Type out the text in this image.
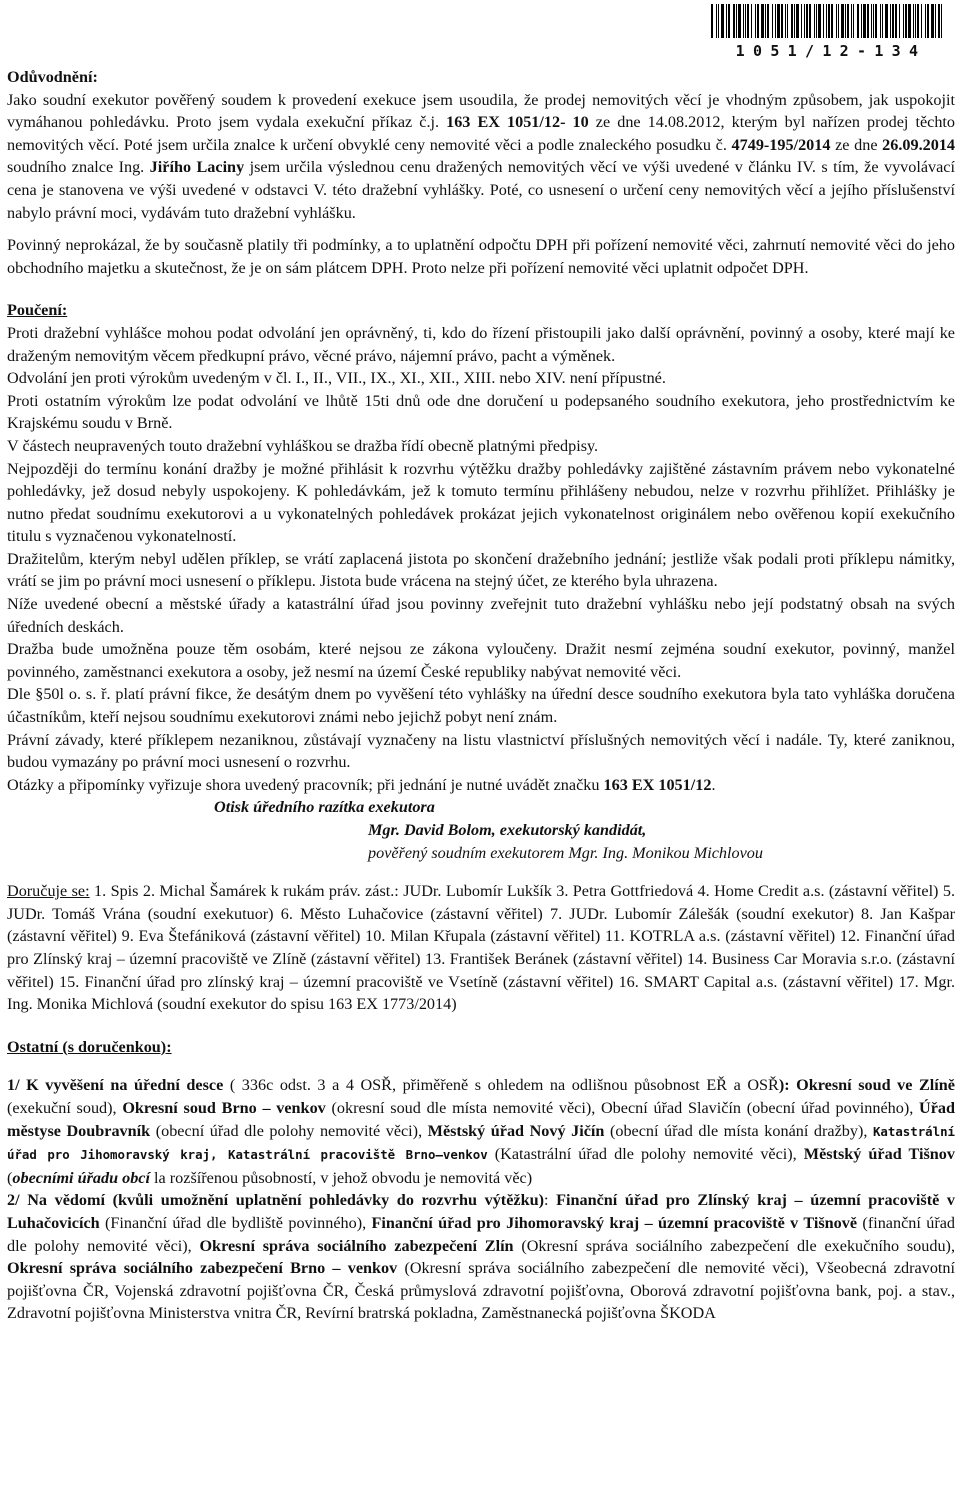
1051/12-134

Odůvodnění:

Jako soudní exekutor pověřený soudem k provedení exekuce jsem usoudila, že prodej nemovitých věcí je vhodným způsobem, jak uspokojit vymáhanou pohledávku. Proto jsem vydala exekuční příkaz č.j. 163 EX 1051/12- 10 ze dne 14.08.2012, kterým byl nařízen prodej těchto nemovitých věcí. Poté jsem určila znalce k určení obvyklé ceny nemovité věci a podle znaleckého posudku č. 4749-195/2014 ze dne 26.09.2014 soudního znalce Ing. Jiřího Laciny jsem určila výslednou cenu dražených nemovitých věcí ve výši uvedené v článku IV. s tím, že vyvolávací cena je stanovena ve výši uvedené v odstavci V. této dražební vyhlášky. Poté, co usnesení o určení ceny nemovitých věcí a jejího příslušenství nabylo právní moci, vydávám tuto dražební vyhlášku.

Povinný neprokázal, že by současně platily tři podmínky, a to uplatnění odpočtu DPH při pořízení nemovité věci, zahrnutí nemovité věci do jeho obchodního majetku a skutečnost, že je on sám plátcem DPH. Proto nelze při pořízení nemovité věci uplatnit odpočet DPH.

Poučení:

Proti dražební vyhlášce mohou podat odvolání jen oprávněný, ti, kdo do řízení přistoupili jako další oprávnění, povinný a osoby, které mají ke draženým nemovitým věcem předkupní právo, věcné právo, nájemní právo, pacht a výměnek.

Odvolání jen proti výrokům uvedeným v čl. I., II., VII., IX., XI., XII., XIII. nebo XIV. není přípustné.

Proti ostatním výrokům lze podat odvolání ve lhůtě 15ti dnů ode dne doručení u podepsaného soudního exekutora, jeho prostřednictvím ke Krajskému soudu v Brně.

V částech neupravených touto dražební vyhláškou se dražba řídí obecně platnými předpisy.

Nejpozději do termínu konání dražby je možné přihlásit k rozvrhu výtěžku dražby pohledávky zajištěné zástavním právem nebo vykonatelné pohledávky, jež dosud nebyly uspokojeny. K pohledávkám, jež k tomuto termínu přihlášeny nebudou, nelze v rozvrhu přihlížet. Přihlášky je nutno předat soudnímu exekutorovi a u vykonatelných pohledávek prokázat jejich vykonatelnost originálem nebo ověřenou kopií exekučního titulu s vyznačenou vykonatelností.

Dražitelům, kterým nebyl udělen příklep, se vrátí zaplacená jistota po skončení dražebního jednání; jestliže však podali proti příklepu námitky, vrátí se jim po právní moci usnesení o příklepu. Jistota bude vrácena na stejný účet, ze kterého byla uhrazena.

Níže uvedené obecní a městské úřady a katastrální úřad jsou povinny zveřejnit tuto dražební vyhlášku nebo její podstatný obsah na svých úředních deskách.

Dražba bude umožněna pouze těm osobám, které nejsou ze zákona vyloučeny. Dražit nesmí zejména soudní exekutor, povinný, manžel povinného, zaměstnanci exekutora a osoby, jež nesmí na území České republiky nabývat nemovité věci.

Dle §50l o. s. ř. platí právní fikce, že desátým dnem po vyvěšení této vyhlášky na úřední desce soudního exekutora byla tato vyhláška doručena účastníkům, kteří nejsou soudnímu exekutorovi známi nebo jejichž pobyt není znám.

Právní závady, které příklepem nezaniknou, zůstávají vyznačeny na listu vlastnictví příslušných nemovitých věcí i nadále. Ty, které zaniknou, budou vymazány po právní moci usnesení o rozvrhu.

Otázky a připomínky vyřizuje shora uvedený pracovník; při jednání je nutné uvádět značku 163 EX 1051/12.

Otisk úředního razítka exekutora

Mgr. David Bolom, exekutorský kandidát,

pověřený soudním exekutorem Mgr. Ing. Monikou Michlovou

Doručuje se: 1. Spis 2. Michal Šamárek k rukám práv. zást.: JUDr. Lubomír Lukšík 3. Petra Gottfriedová 4. Home Credit a.s. (zástavní věřitel) 5. JUDr. Tomáš Vrána (soudní exekutuor) 6. Město Luhačovice (zástavní věřitel) 7. JUDr. Lubomír Zálešák (soudní exekutor) 8. Jan Kašpar (zástavní věřitel) 9. Eva Štefániková (zástavní věřitel) 10. Milan Křupala (zástavní věřitel) 11. KOTRLA a.s. (zástavní věřitel) 12. Finanční úřad pro Zlínský kraj – územní pracoviště ve Zlíně (zástavní věřitel) 13. František Beránek (zástavní věřitel) 14. Business Car Moravia s.r.o. (zástavní věřitel) 15. Finanční úřad pro zlínský kraj – územní pracoviště ve Vsetíně (zástavní věřitel) 16. SMART Capital a.s. (zástavní věřitel) 17. Mgr. Ing. Monika Michlová (soudní exekutor do spisu 163 EX 1773/2014)

Ostatní (s doručenkou):

1/ K vyvěšení na úřední desce ( 336c odst. 3 a 4 OSŘ, přiměřeně s ohledem na odlišnou působnost EŘ a OSŘ): Okresní soud ve Zlíně (exekuční soud), Okresní soud Brno – venkov (okresní soud dle místa nemovité věci), Obecní úřad Slavičín (obecní úřad povinného), Úřad městyse Doubravník (obecní úřad dle polohy nemovité věci), Městský úřad Nový Jičín (obecní úřad dle místa konání dražby), Katastrální úřad pro Jihomoravský kraj, Katastrální pracoviště Brno–venkov (Katastrální úřad dle polohy nemovité věci), Městský úřad Tišnov (obecními úřadu obcí la rozšířenou působností, v jehož obvodu je nemovitá věc)

2/ Na vědomí (kvůli umožnění uplatnění pohledávky do rozvrhu výtěžku): Finanční úřad pro Zlínský kraj – územní pracoviště v Luhačovicích (Finanční úřad dle bydliště povinného), Finanční úřad pro Jihomoravský kraj – územní pracoviště v Tišnově (finanční úřad dle polohy nemovité věci), Okresní správa sociálního zabezpečení Zlín (Okresní správa sociálního zabezpečení dle exekučního soudu), Okresní správa sociálního zabezpečení Brno – venkov (Okresní správa sociálního zabezpečení dle nemovité věci), Všeobecná zdravotní pojišťovna ČR, Vojenská zdravotní pojišťovna ČR, Česká průmyslová zdravotní pojišťovna, Oborová zdravotní pojišťovna bank, poj. a stav., Zdravotní pojišťovna Ministerstva vnitra ČR, Revírní bratrská pokladna, Zaměstnanecká pojišťovna ŠKODA
